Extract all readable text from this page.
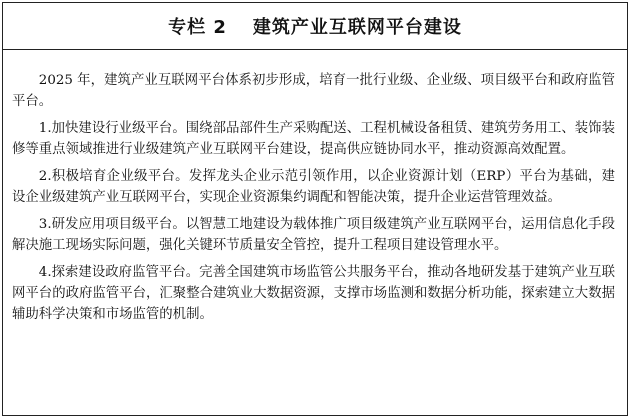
专栏 2 建筑产业互联网平台建设

2025 年，建筑产业互联网平台体系初步形成，培育一批行业级、企业级、项目级平台和政府监管平台。

1.加快建设行业级平台。围绕部品部件生产采购配送、工程机械设备租赁、建筑劳务用工、装饰装修等重点领域推进行业级建筑产业互联网平台建设，提高供应链协同水平，推动资源高效配置。

2.积极培育企业级平台。发挥龙头企业示范引领作用，以企业资源计划（ERP）平台为基础，建设企业级建筑产业互联网平台，实现企业资源集约调配和智能决策，提升企业运营管理效益。

3.研发应用项目级平台。以智慧工地建设为载体推广项目级建筑产业互联网平台，运用信息化手段解决施工现场实际问题，强化关键环节质量安全管控，提升工程项目建设管理水平。

4.探索建设政府监管平台。完善全国建筑市场监管公共服务平台，推动各地研发基于建筑产业互联网平台的政府监管平台，汇聚整合建筑业大数据资源，支撑市场监测和数据分析功能，探索建立大数据辅助科学决策和市场监管的机制。
